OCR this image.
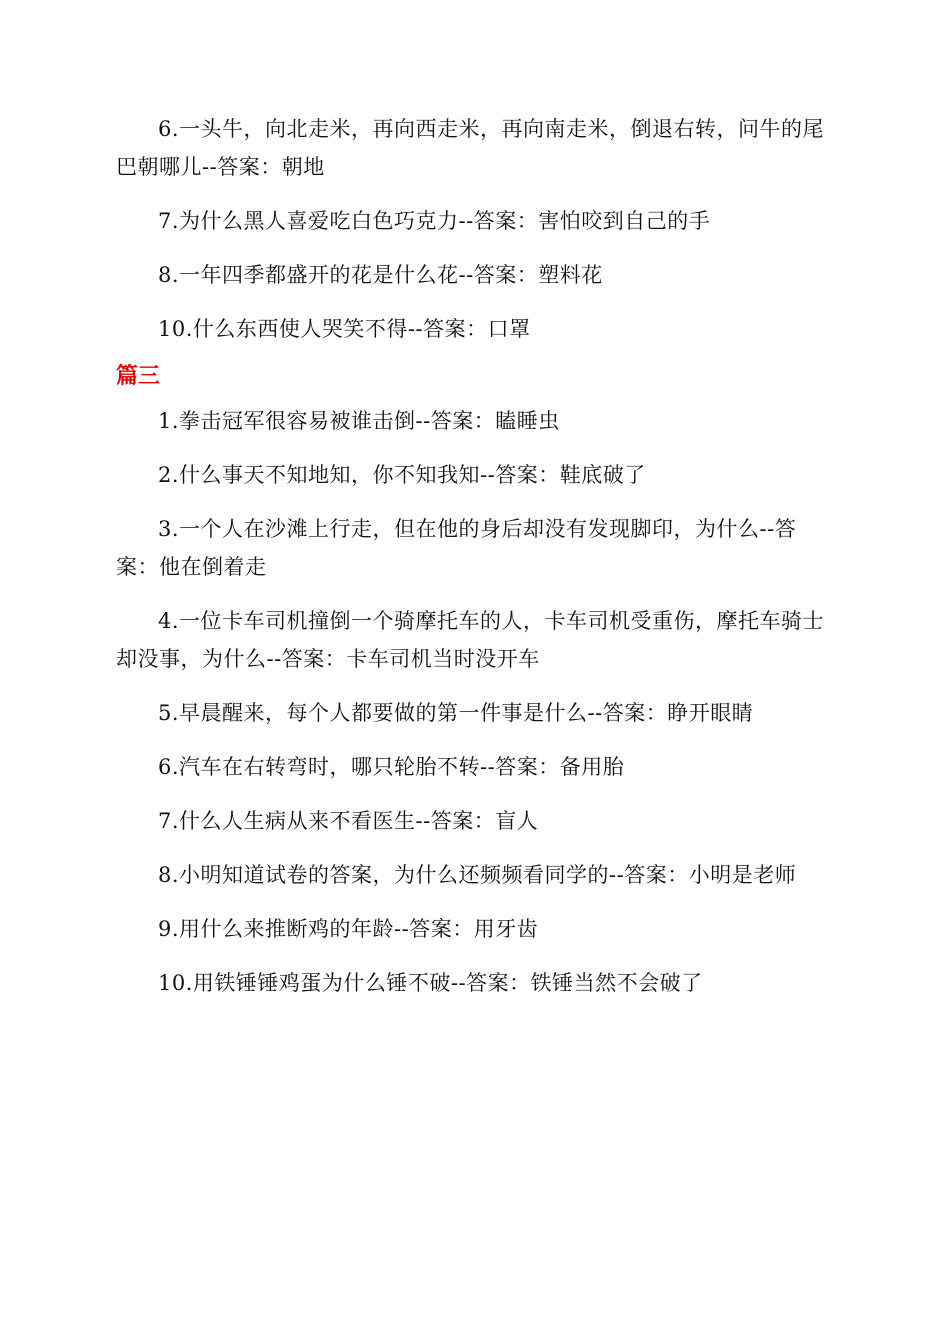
6.一头牛，向北走米，再向西走米，再向南走米，倒退右转，问牛的尾巴朝哪儿--答案：朝地

7.为什么黑人喜爱吃白色巧克力--答案：害怕咬到自己的手

8.一年四季都盛开的花是什么花--答案：塑料花

10.什么东西使人哭笑不得--答案：口罩

篇三

1.拳击冠军很容易被谁击倒--答案：瞌睡虫

2.什么事天不知地知，你不知我知--答案：鞋底破了

3.一个人在沙滩上行走，但在他的身后却没有发现脚印，为什么--答案：他在倒着走

4.一位卡车司机撞倒一个骑摩托车的人，卡车司机受重伤，摩托车骑士却没事，为什么--答案：卡车司机当时没开车

5.早晨醒来，每个人都要做的第一件事是什么--答案：睁开眼睛

6.汽车在右转弯时，哪只轮胎不转--答案：备用胎

7.什么人生病从来不看医生--答案：盲人

8.小明知道试卷的答案，为什么还频频看同学的--答案：小明是老师

9.用什么来推断鸡的年龄--答案：用牙齿

10.用铁锤锤鸡蛋为什么锤不破--答案：铁锤当然不会破了
